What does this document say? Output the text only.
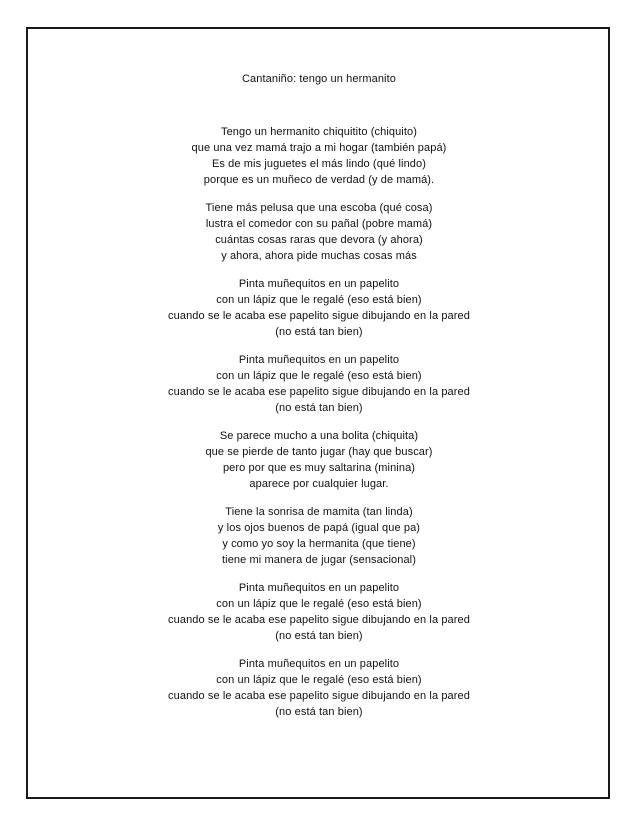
Cantaniño: tengo un hermanito
Tengo un hermanito chiquitito (chiquito)
que una vez mamá trajo a mi hogar (también papá)
Es de mis juguetes el más lindo (qué lindo)
porque es un muñeco de verdad (y de mamá).
Tiene más pelusa que una escoba (qué cosa)
lustra el comedor con su pañal (pobre mamá)
cuántas cosas raras que devora (y ahora)
y ahora, ahora pide muchas cosas más
Pinta muñequitos en un papelito
con un lápiz que le regalé (eso está bien)
cuando se le acaba ese papelito sigue dibujando en la pared
(no está tan bien)
Pinta muñequitos en un papelito
con un lápiz que le regalé (eso está bien)
cuando se le acaba ese papelito sigue dibujando en la pared
(no está tan bien)
Se parece mucho a una bolita (chiquita)
que se pierde de tanto jugar (hay que buscar)
pero por que es muy saltarina (minina)
aparece por cualquier lugar.
Tiene la sonrisa de mamita (tan linda)
y los ojos buenos de papá (igual que pa)
y como yo soy la hermanita (que tiene)
tiene mi manera de jugar (sensacional)
Pinta muñequitos en un papelito
con un lápiz que le regalé (eso está bien)
cuando se le acaba ese papelito sigue dibujando en la pared
(no está tan bien)
Pinta muñequitos en un papelito
con un lápiz que le regalé (eso está bien)
cuando se le acaba ese papelito sigue dibujando en la pared
(no está tan bien)
